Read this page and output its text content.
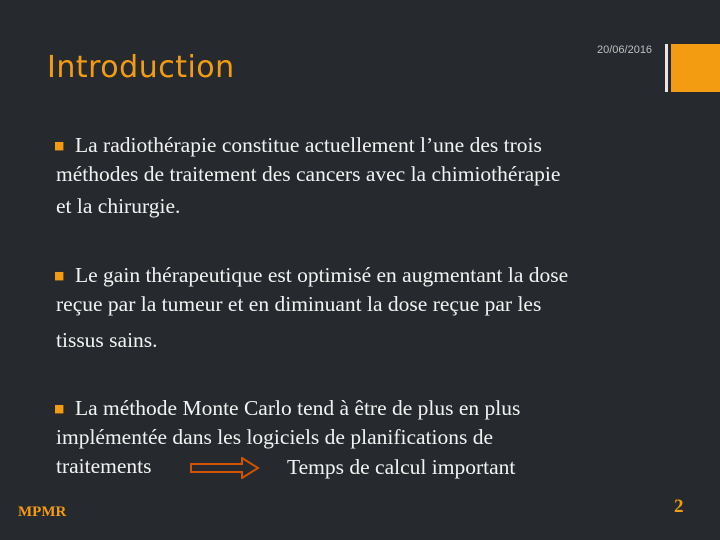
Introduction	20/06/2016
■ La radiothérapie constitue actuellement l’une des trois
méthodes de traitement des cancers avec la chimiothérapie
et la chirurgie.
■ Le gain thérapeutique est optimisé en augmentant la dose
reçue par la tumeur et en diminuant la dose reçue par les
tissus sains.
■ La méthode Monte Carlo tend à être de plus en plus
implémentée dans les logiciels de planifications de
traitements	Temps de calcul important
MPMR	2
